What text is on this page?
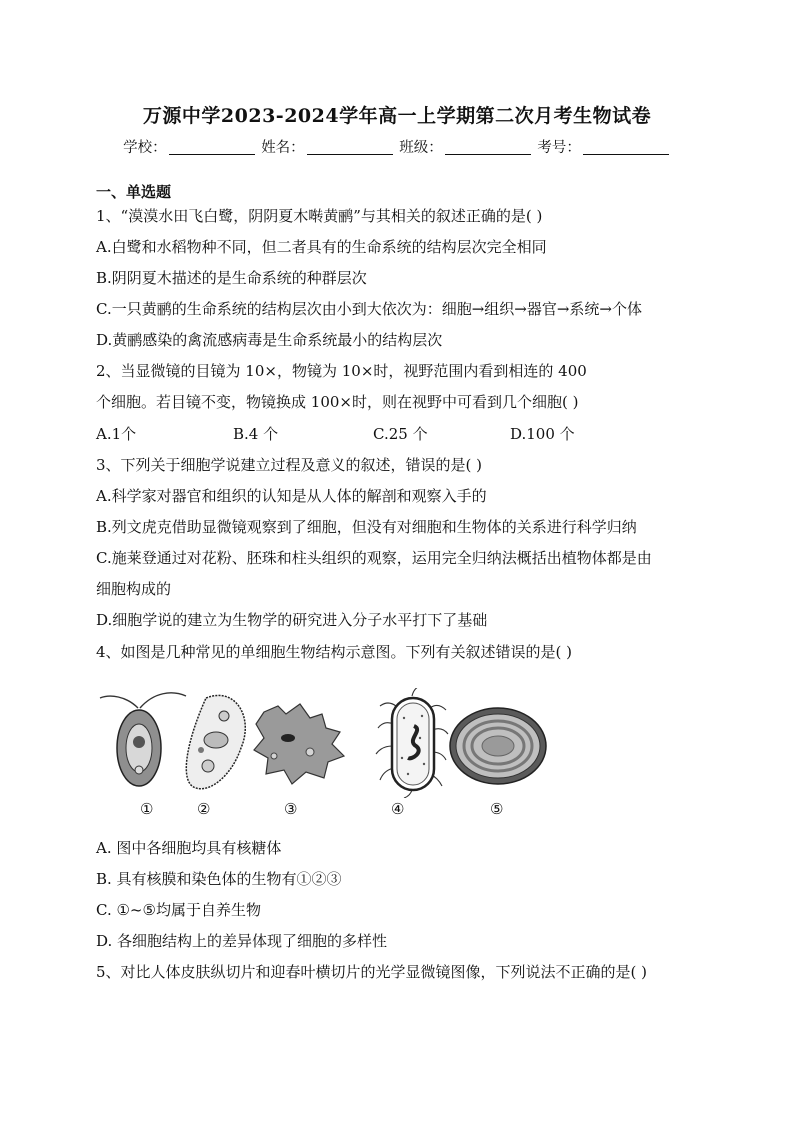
万源中学2023-2024学年高一上学期第二次月考生物试卷
学校：	姓名：	班级：	考号：
一、单选题
1、“漠漠水田飞白鹭，阴阴夏木啭黄鹂”与其相关的叙述正确的是( )
A.白鹭和水稻物种不同，但二者具有的生命系统的结构层次完全相同
B.阴阴夏木描述的是生命系统的种群层次
C.一只黄鹂的生命系统的结构层次由小到大依次为：细胞→组织→器官→系统→个体
D.黄鹂感染的禽流感病毒是生命系统最小的结构层次
2、当显微镜的目镜为 10×，物镜为 10×时，视野范围内看到相连的 400
个细胞。若目镜不变，物镜换成 100×时，则在视野中可看到几个细胞( )
A.1个	B.4 个	C.25 个	D.100 个
3、下列关于细胞学说建立过程及意义的叙述，错误的是( )
A.科学家对器官和组织的认知是从人体的解剖和观察入手的
B.列文虎克借助显微镜观察到了细胞，但没有对细胞和生物体的关系进行科学归纳
C.施莱登通过对花粉、胚珠和柱头组织的观察，运用完全归纳法概括出植物体都是由
细胞构成的
D.细胞学说的建立为生物学的研究进入分子水平打下了基础
4、如图是几种常见的单细胞生物结构示意图。下列有关叙述错误的是( )
①	②	③	④	⑤
A. 图中各细胞均具有核糖体
B. 具有核膜和染色体的生物有①②③
C. ①~⑤均属于自养生物
D. 各细胞结构上的差异体现了细胞的多样性
5、对比人体皮肤纵切片和迎春叶横切片的光学显微镜图像，下列说法不正确的是( )
